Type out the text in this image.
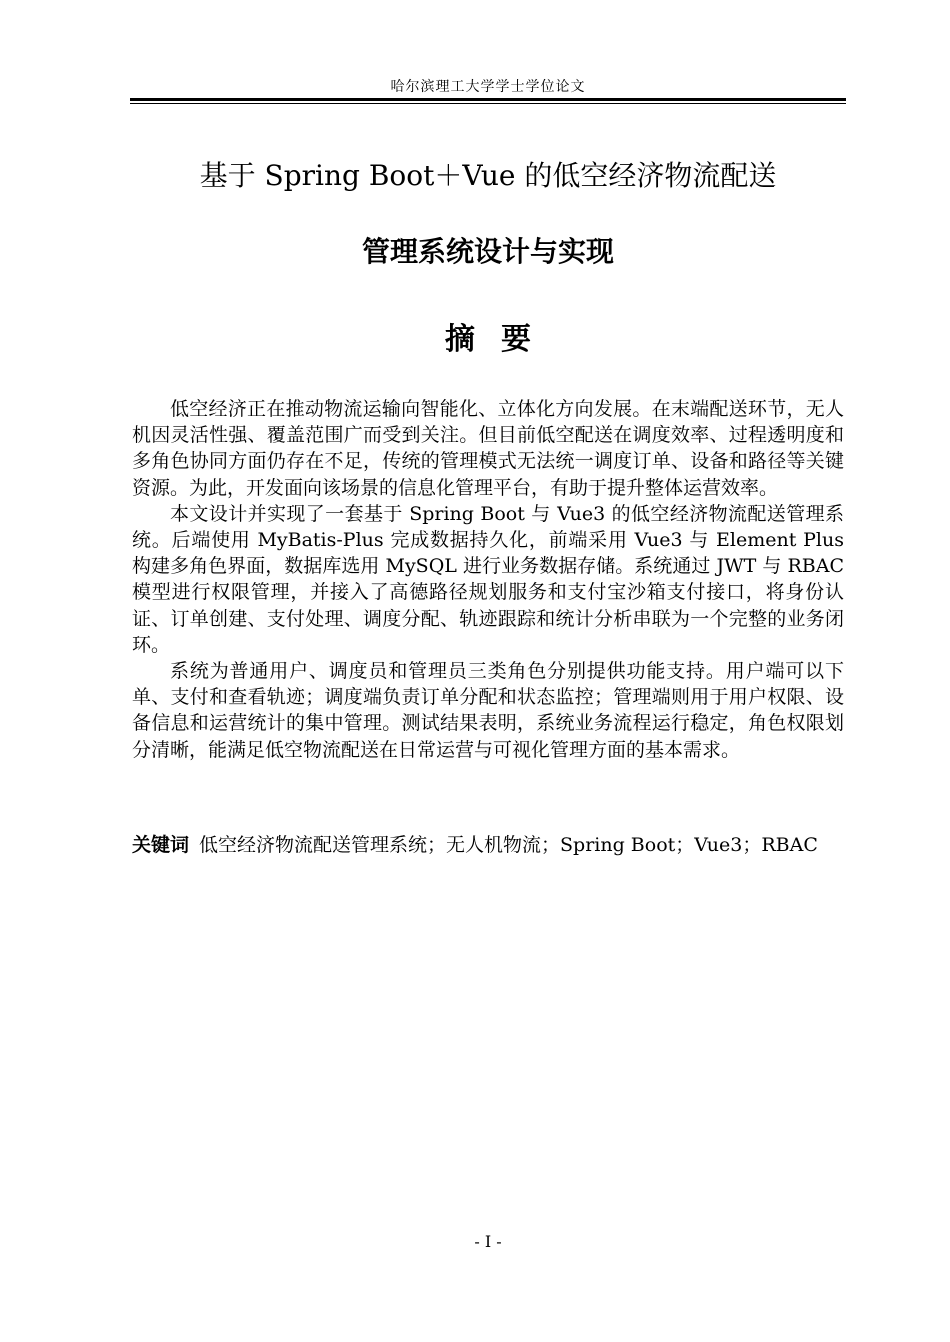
哈尔滨理工大学学士学位论文
基于 Spring Boot＋Vue 的低空经济物流配送
管理系统设计与实现
摘要

低空经济正在推动物流运输向智能化、立体化方向发展。在末端配送环节，无人机因灵活性强、覆盖范围广而受到关注。但目前低空配送在调度效率、过程透明度和多角色协同方面仍存在不足，传统的管理模式无法统一调度订单、设备和路径等关键资源。为此，开发面向该场景的信息化管理平台，有助于提升整体运营效率。

本文设计并实现了一套基于 Spring Boot 与 Vue3 的低空经济物流配送管理系统。后端使用 MyBatis-Plus 完成数据持久化，前端采用 Vue3 与 Element Plus 构建多角色界面，数据库选用 MySQL 进行业务数据存储。系统通过 JWT 与 RBAC 模型进行权限管理，并接入了高德路径规划服务和支付宝沙箱支付接口，将身份认证、订单创建、支付处理、调度分配、轨迹跟踪和统计分析串联为一个完整的业务闭环。

系统为普通用户、调度员和管理员三类角色分别提供功能支持。用户端可以下单、支付和查看轨迹；调度端负责订单分配和状态监控；管理端则用于用户权限、设备信息和运营统计的集中管理。测试结果表明，系统业务流程运行稳定，角色权限划分清晰，能满足低空物流配送在日常运营与可视化管理方面的基本需求。

关键词 低空经济物流配送管理系统；无人机物流；Spring Boot；Vue3；RBAC
- I -
